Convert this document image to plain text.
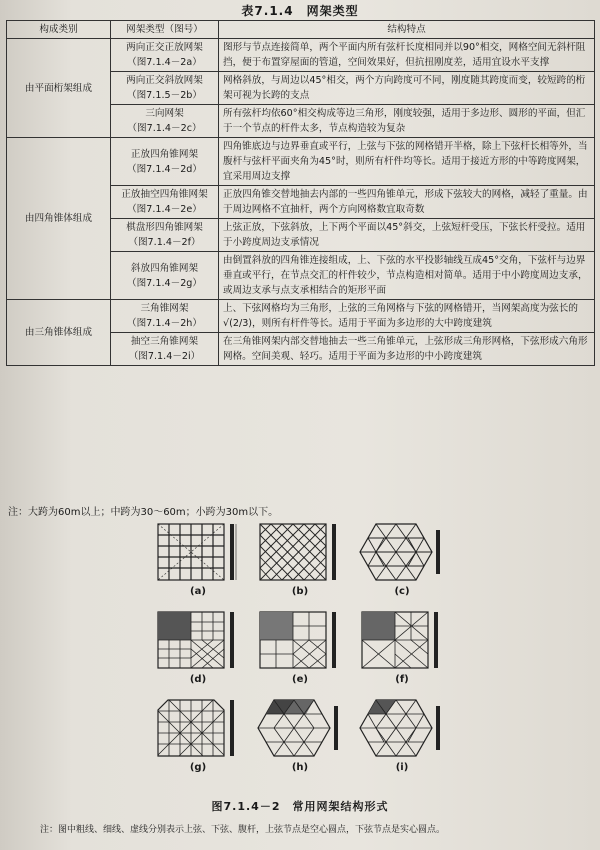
表7.1.4　网架类型
构成类别	网架类型（图号）	结构特点
由平面桁架组成	两向正交正放网架
（图7.1.4－2a）	图形与节点连接简单，两个平面内所有弦杆长度相同并以90°相交，网格空间无斜杆阻挡，便于布置穿屋面的管道，空间效果好，但抗扭刚度差，适用宜设水平支撑
	两向正交斜放网架
（图7.1.5－2b）	网格斜放，与周边以45°相交，两个方向跨度可不同，刚度随其跨度而变，较短跨的桁架可视为长跨的支点
	三向网架
（图7.1.4－2c）	所有弦杆均依60°相交构成等边三角形，刚度较强，适用于多边形、圆形的平面，但汇于一个节点的杆件太多，节点构造较为复杂
由四角锥体组成	正放四角锥网架
（图7.1.4－2d）	四角锥底边与边界垂直或平行，上弦与下弦的网格错开半格，除上下弦杆长相等外，当腹杆与弦杆平面夹角为45°时，则所有杆件均等长。适用于接近方形的中等跨度网架，宜采用周边支撑
	正放抽空四角锥网架
（图7.1.4－2e）	正放四角锥交替地抽去内部的一些四角锥单元，形成下弦较大的网格，减轻了重量。由于周边网格不宜抽杆，两个方向网格数宜取奇数
	棋盘形四角锥网架
（图7.1.4－2f）	上弦正放，下弦斜放，上下两个平面以45°斜交，上弦短杆受压，下弦长杆受拉。适用于小跨度周边支承情况
	斜放四角锥网架
（图7.1.4－2g）	由倒置斜放的四角锥连接组成，上、下弦的水平投影轴线互成45°交角，下弦杆与边界垂直或平行，在节点交汇的杆件较少，节点构造相对简单。适用于中小跨度周边支承，或周边支承与点支承相结合的矩形平面
由三角锥体组成	三角锥网架
（图7.1.4－2h）	上、下弦网格均为三角形，上弦的三角网格与下弦的网格错开，当网架高度为弦长的√(2/3)，则所有杆件等长。适用于平面为多边形的大中跨度建筑
	抽空三角锥网架
（图7.1.4－2i）	在三角锥网架内部交替地抽去一些三角锥单元，上弦形成三角形网格，下弦形成六角形网格。空间美观、轻巧。适用于平面为多边形的中小跨度建筑
注：大跨为60m以上；中跨为30～60m；小跨为30m以下。
(a)	(b)	(c)
(d)	(e)	(f)
(g)	(h)	(i)
图7.1.4－2　常用网架结构形式
注：图中粗线、细线、虚线分别表示上弦、下弦、腹杆，上弦节点是空心圆点，下弦节点是实心圆点。
